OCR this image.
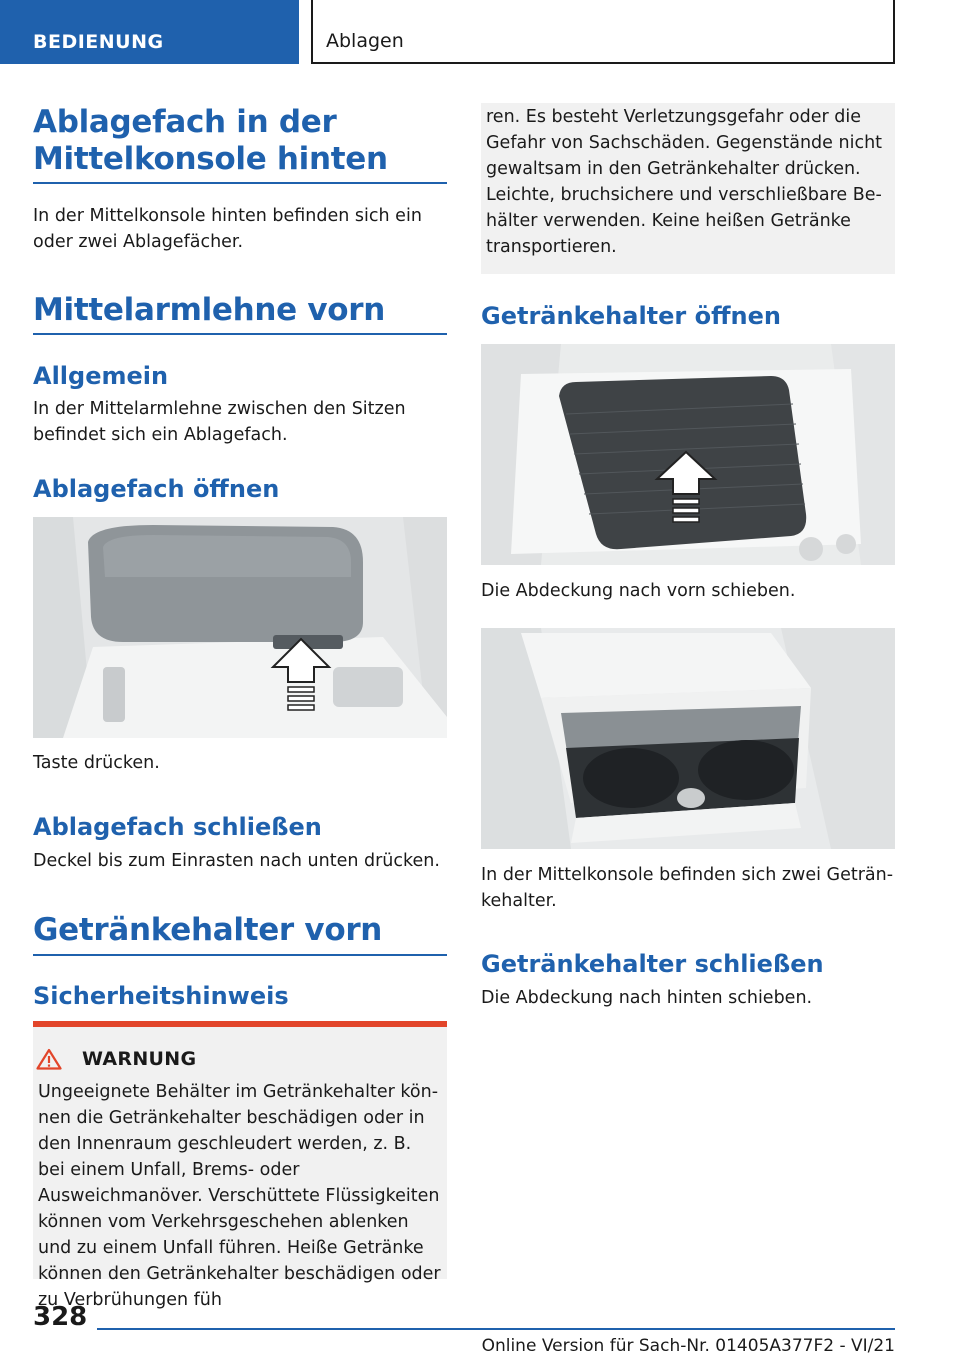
BEDIENUNG	Ablagen
Ablagefach in der Mittelkonsole hinten
In der Mittelkonsole hinten befinden sich ein oder zwei Ablagefächer.
Mittelarmlehne vorn
Allgemein
In der Mittelarmlehne zwischen den Sitzen befindet sich ein Ablagefach.
Ablagefach öffnen
Taste drücken.
Ablagefach schließen
Deckel bis zum Einrasten nach unten drücken.
Getränkehalter vorn
Sicherheitshinweis
WARNUNG
Ungeeignete Behälter im Getränkehalter können die Getränkehalter beschädigen oder in den Innenraum geschleudert werden, z. B. bei einem Unfall, Brems- oder Ausweichmanöver. Verschüttete Flüssigkeiten können vom Verkehrsgeschehen ablenken und zu einem Unfall führen. Heiße Getränke können den Getränkehalter beschädigen oder zu Verbrühungen füh
ren. Es besteht Verletzungsgefahr oder die Gefahr von Sachschäden. Gegenstände nicht gewaltsam in den Getränkehalter drücken. Leichte, bruchsichere und verschließbare Behälter verwenden. Keine heißen Getränke transportieren.
Getränkehalter öffnen
Die Abdeckung nach vorn schieben.
In der Mittelkonsole befinden sich zwei Getränkehalter.
Getränkehalter schließen
Die Abdeckung nach hinten schieben.
328
Online Version für Sach-Nr. 01405A377F2 - VI/21
